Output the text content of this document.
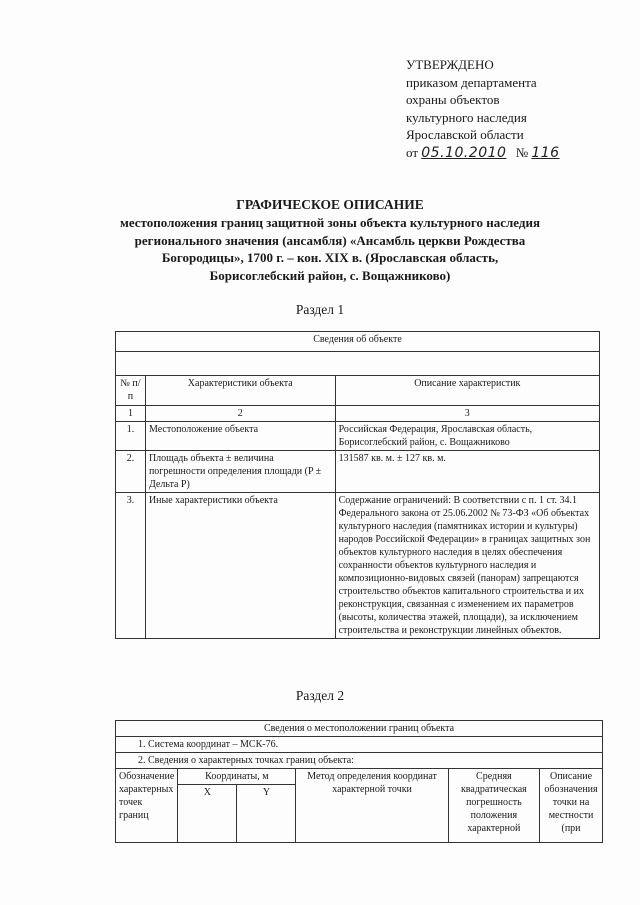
УТВЕРЖДЕНО
приказом департамента
охраны объектов
культурного наследия
Ярославской области
от 05.10.2010 № 116
ГРАФИЧЕСКОЕ ОПИСАНИЕ
местоположения границ защитной зоны объекта культурного наследия
регионального значения (ансамбля) «Ансамбль церкви Рождества
Богородицы», 1700 г. – кон. XIX в. (Ярославская область,
Борисоглебский район, с. Вощажниково)
Раздел 1
Сведения об объекте		

№ п/п	Характеристики объекта	Описание характеристик
1	2	3
1.	Местоположение объекта	Российская Федерация, Ярославская область, Борисоглебский район, с. Вощажниково
2.	Площадь объекта ± величина погрешности определения площади (P ± Дельта P)	131587 кв. м. ± 127 кв. м.
3.	Иные характеристики объекта	Содержание ограничений: В соответствии с п. 1 ст. 34.1 Федерального закона от 25.06.2002 № 73-ФЗ «Об объектах культурного наследия (памятниках истории и культуры) народов Российской Федерации» в границах защитных зон объектов культурного наследия в целях обеспечения сохранности объектов культурного наследия и композиционно-видовых связей (панорам) запрещаются строительство объектов капитального строительства и их реконструкция, связанная с изменением их параметров (высоты, количества этажей, площади), за исключением строительства и реконструкции линейных объектов.
Раздел 2
Сведения о местоположении границ объекта					
1. Система координат – МСК-76.					
2. Сведения о характерных точках границ объекта:					
Обозначение характерных точек границ	Координаты, м		Метод определения координат характерной точки	Средняя квадратическая погрешность положения характерной	Описание обозначения точки на местности (при
	X	Y			
